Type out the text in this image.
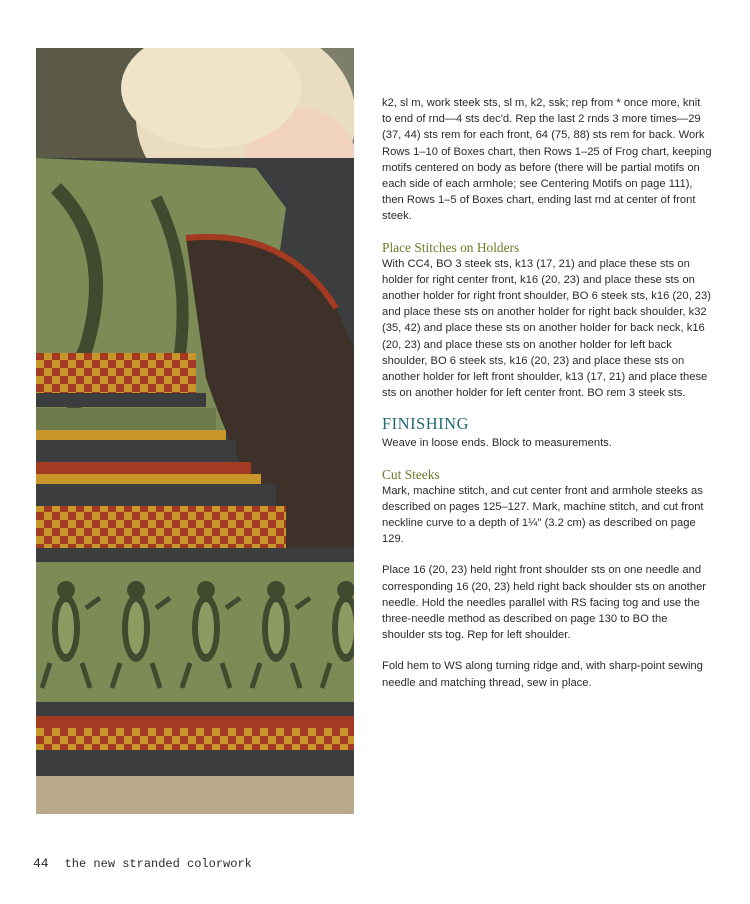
k2, sl m, work steek sts, sl m, k2, ssk; rep from * once more, knit to end of rnd—4 sts dec'd. Rep the last 2 rnds 3 more times—29 (37, 44) sts rem for each front, 64 (75, 88) sts rem for back. Work Rows 1–10 of Boxes chart, then Rows 1–25 of Frog chart, keeping motifs centered on body as before (there will be partial motifs on each side of each armhole; see Centering Motifs on page 111), then Rows 1–5 of Boxes chart, ending last rnd at center of front steek.

Place Stitches on Holders

With CC4, BO 3 steek sts, k13 (17, 21) and place these sts on holder for right center front, k16 (20, 23) and place these sts on another holder for right front shoulder, BO 6 steek sts, k16 (20, 23) and place these sts on another holder for right back shoulder, k32 (35, 42) and place these sts on another holder for back neck, k16 (20, 23) and place these sts on another holder for left back shoulder, BO 6 steek sts, k16 (20, 23) and place these sts on another holder for left front shoulder, k13 (17, 21) and place these sts on another holder for left center front. BO rem 3 steek sts.

FINISHING

Weave in loose ends. Block to measurements.

Cut Steeks

Mark, machine stitch, and cut center front and armhole steeks as described on pages 125–127. Mark, machine stitch, and cut front neckline curve to a depth of 1¼" (3.2 cm) as described on page 129.

Place 16 (20, 23) held right front shoulder sts on one needle and corresponding 16 (20, 23) held right back shoulder sts on another needle. Hold the needles parallel with RS facing tog and use the three-needle method as described on page 130 to BO the shoulder sts tog. Rep for left shoulder.

Fold hem to WS along turning ridge and, with sharp-point sewing needle and matching thread, sew in place.

44 the new stranded colorwork
